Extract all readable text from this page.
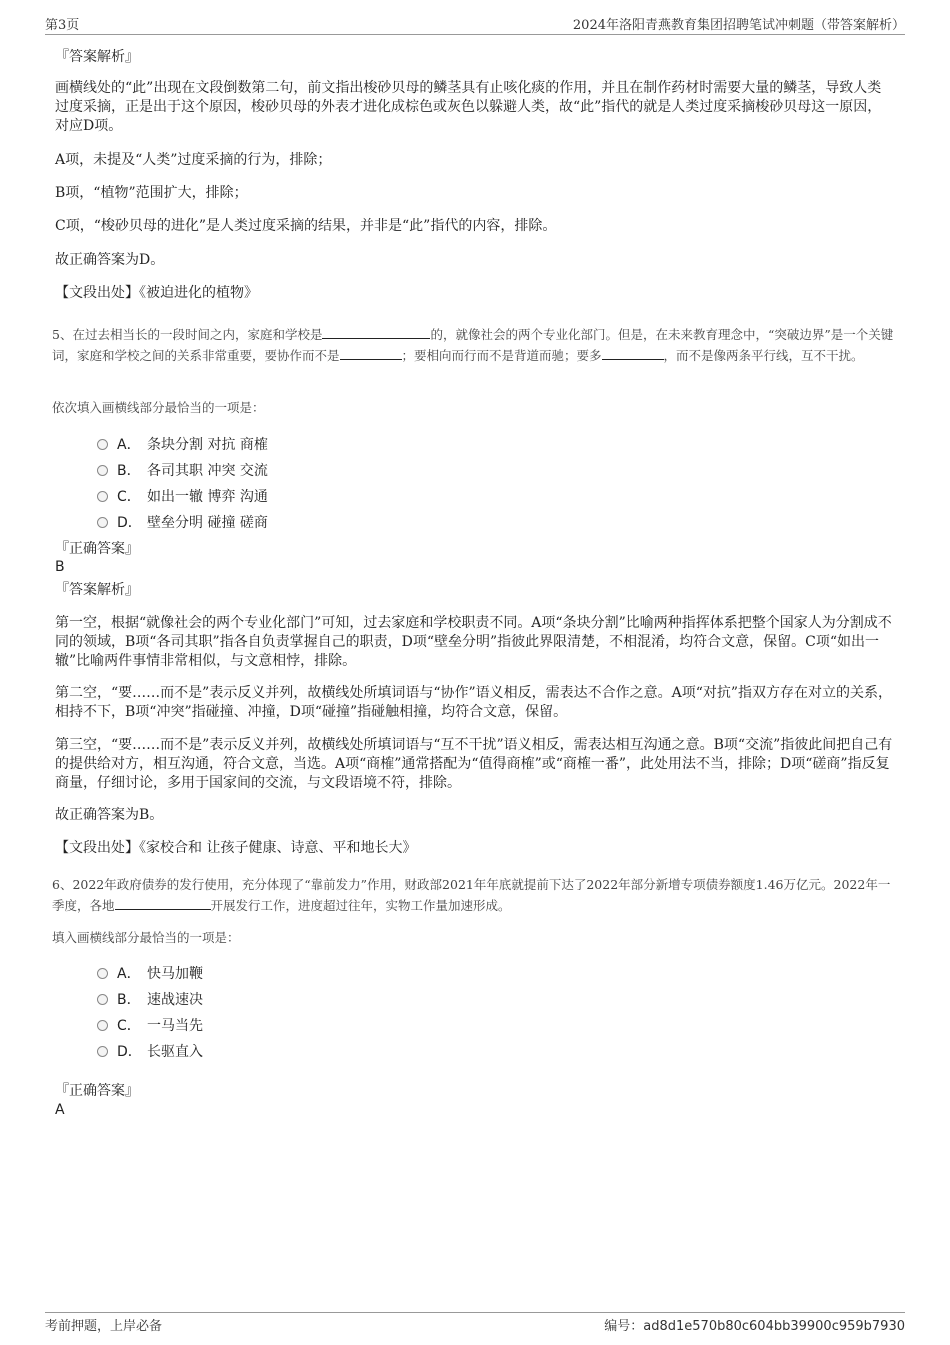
第3页	2024年洛阳青燕教育集团招聘笔试冲刺题（带答案解析）

『答案解析』

画横线处的“此”出现在文段倒数第二句，前文指出梭砂贝母的鳞茎具有止咳化痰的作用，并且在制作药材时需要大量的鳞茎，导致人类过度采摘，正是出于这个原因，梭砂贝母的外表才进化成棕色或灰色以躲避人类，故“此”指代的就是人类过度采摘梭砂贝母这一原因，对应D项。

A项，未提及“人类”过度采摘的行为，排除；

B项，“植物”范围扩大，排除；

C项，“梭砂贝母的进化”是人类过度采摘的结果，并非是“此”指代的内容，排除。

故正确答案为D。

【文段出处】《被迫进化的植物》

5、在过去相当长的一段时间之内，家庭和学校是	的，就像社会的两个专业化部门。但是，在未来教育理念中，“突破边界”是一个关键词，家庭和学校之间的关系非常重要，要协作而不是	；要相向而行而不是背道而驰；要多	，而不是像两条平行线，互不干扰。

依次填入画横线部分最恰当的一项是：

A． 条块分割 对抗 商榷
B． 各司其职 冲突 交流
C． 如出一辙 博弈 沟通
D． 壁垒分明 碰撞 磋商

『正确答案』

B

『答案解析』

第一空，根据“就像社会的两个专业化部门”可知，过去家庭和学校职责不同。A项“条块分割”比喻两种指挥体系把整个国家人为分割成不同的领域，B项“各司其职”指各自负责掌握自己的职责，D项“壁垒分明”指彼此界限清楚，不相混淆，均符合文意，保留。C项“如出一辙”比喻两件事情非常相似，与文意相悖，排除。

第二空，“要……而不是”表示反义并列，故横线处所填词语与“协作”语义相反，需表达不合作之意。A项“对抗”指双方存在对立的关系，相持不下，B项“冲突”指碰撞、冲撞，D项“碰撞”指碰触相撞，均符合文意，保留。

第三空，“要……而不是”表示反义并列，故横线处所填词语与“互不干扰”语义相反，需表达相互沟通之意。B项“交流”指彼此间把自己有的提供给对方，相互沟通，符合文意，当选。A项“商榷”通常搭配为“值得商榷”或“商榷一番”，此处用法不当，排除；D项“磋商”指反复商量，仔细讨论，多用于国家间的交流，与文段语境不符，排除。

故正确答案为B。

【文段出处】《家校合和 让孩子健康、诗意、平和地长大》

6、2022年政府债券的发行使用，充分体现了“靠前发力”作用，财政部2021年年底就提前下达了2022年部分新增专项债券额度1.46万亿元。2022年一季度，各地	开展发行工作，进度超过往年，实物工作量加速形成。

填入画横线部分最恰当的一项是：

A． 快马加鞭
B． 速战速决
C． 一马当先
D． 长驱直入

『正确答案』

A

考前押题，上岸必备	编号：ad8d1e570b80c604bb39900c959b7930
